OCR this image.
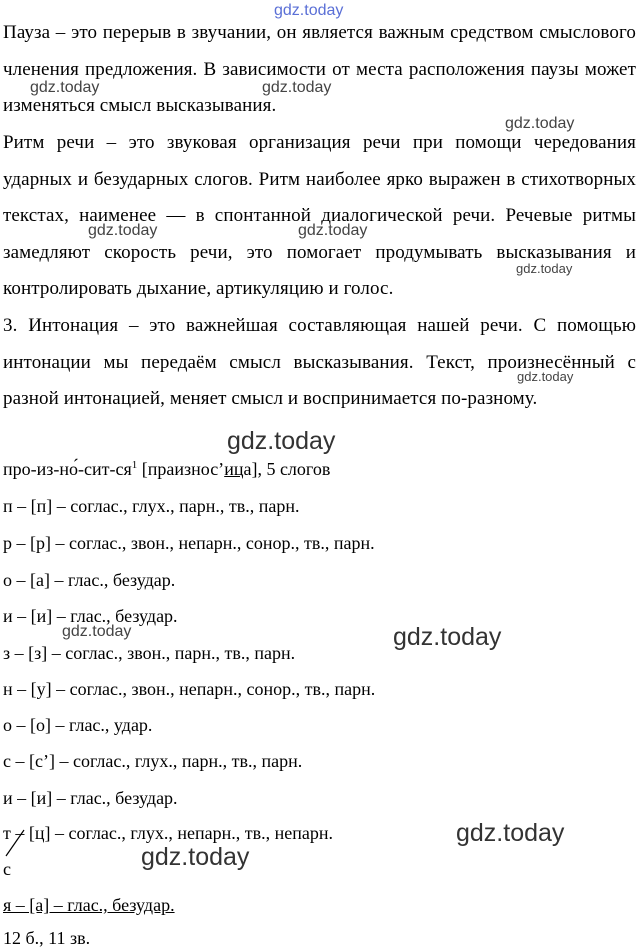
gdz.today
gdz.today	gdz.today
gdz.today
gdz.today	gdz.today
gdz.today
gdz.today
gdz.today
gdz.today	gdz.today
gdz.today
gdz.today

Пауза – это перерыв в звучании, он является важным средством смыслового членения предложения. В зависимости от места расположения паузы может изменяться смысл высказывания.

Ритм речи – это звуковая организация речи при помощи чередования ударных и безударных слогов. Ритм наиболее ярко выражен в стихотворных текстах, наименее — в спонтанной диалогической речи. Речевые ритмы замедляют скорость речи, это помогает продумывать высказывания и контролировать дыхание, артикуляцию и голос.

3. Интонация – это важнейшая составляющая нашей речи. С помощью интонации мы передаём смысл высказывания. Текст, произнесённый с разной интонацией, меняет смысл и воспринимается по-разному.

про-$из-но́-сит-ся^1$ [праизнос’ица], 5 слогов
п – [п] – соглас., глух., парн., тв., парн.
р – [р] – соглас., звон., непарн., сонор., тв., парн.
о – [а] – глас., безудар.
и – [и] – глас., безудар.
з – [з] – соглас., звон., парн., тв., парн.
н – [у] – соглас., звон., непарн., сонор., тв., парн.
о – [о] – глас., удар.
с – [с’] – соглас., глух., парн., тв., парн.
и – [и] – глас., безудар.
т – [ц] – соглас., глух., непарн., тв., непарн.
с
я – [а] – глас., безудар.
12 б., 11 зв.
